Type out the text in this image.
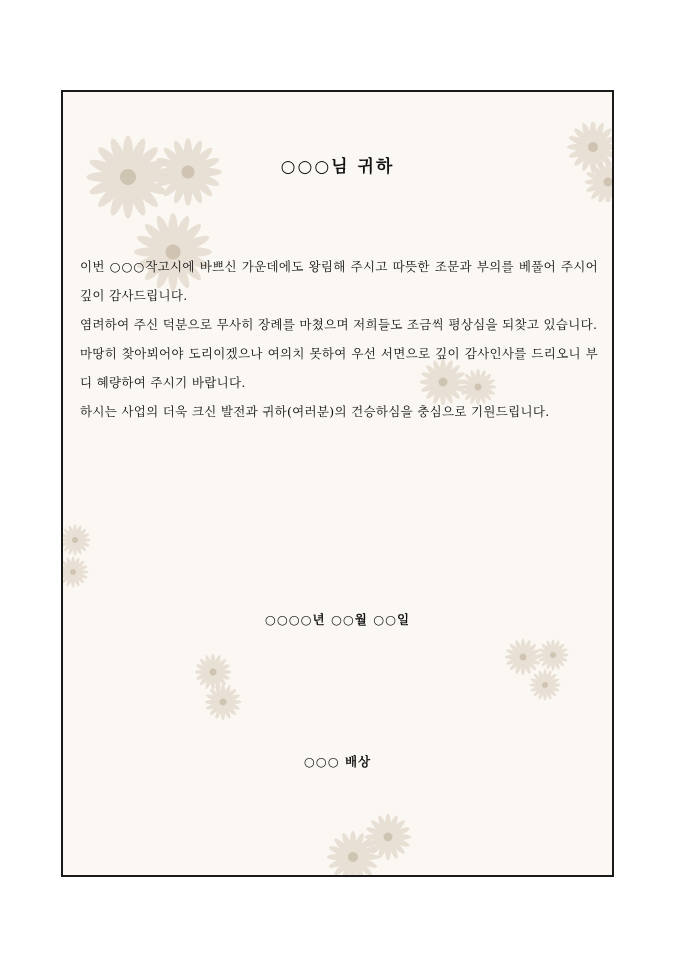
○○○님 귀하

이번 ○○○작고시에 바쁘신 가운데에도 왕림해 주시고 따뜻한 조문과 부의를 베풀어 주시어 깊이 감사드립니다.

염려하여 주신 덕분으로 무사히 장례를 마쳤으며 저희들도 조금씩 평상심을 되찾고 있습니다.

마땅히 찾아뵈어야 도리이겠으나 여의치 못하여 우선 서면으로 깊이 감사인사를 드리오니 부디 혜량하여 주시기 바랍니다.

하시는 사업의 더욱 크신 발전과 귀하(여러분)의 건승하심을 충심으로 기원드립니다.

○○○○년 ○○월 ○○일
○○○ 배상
